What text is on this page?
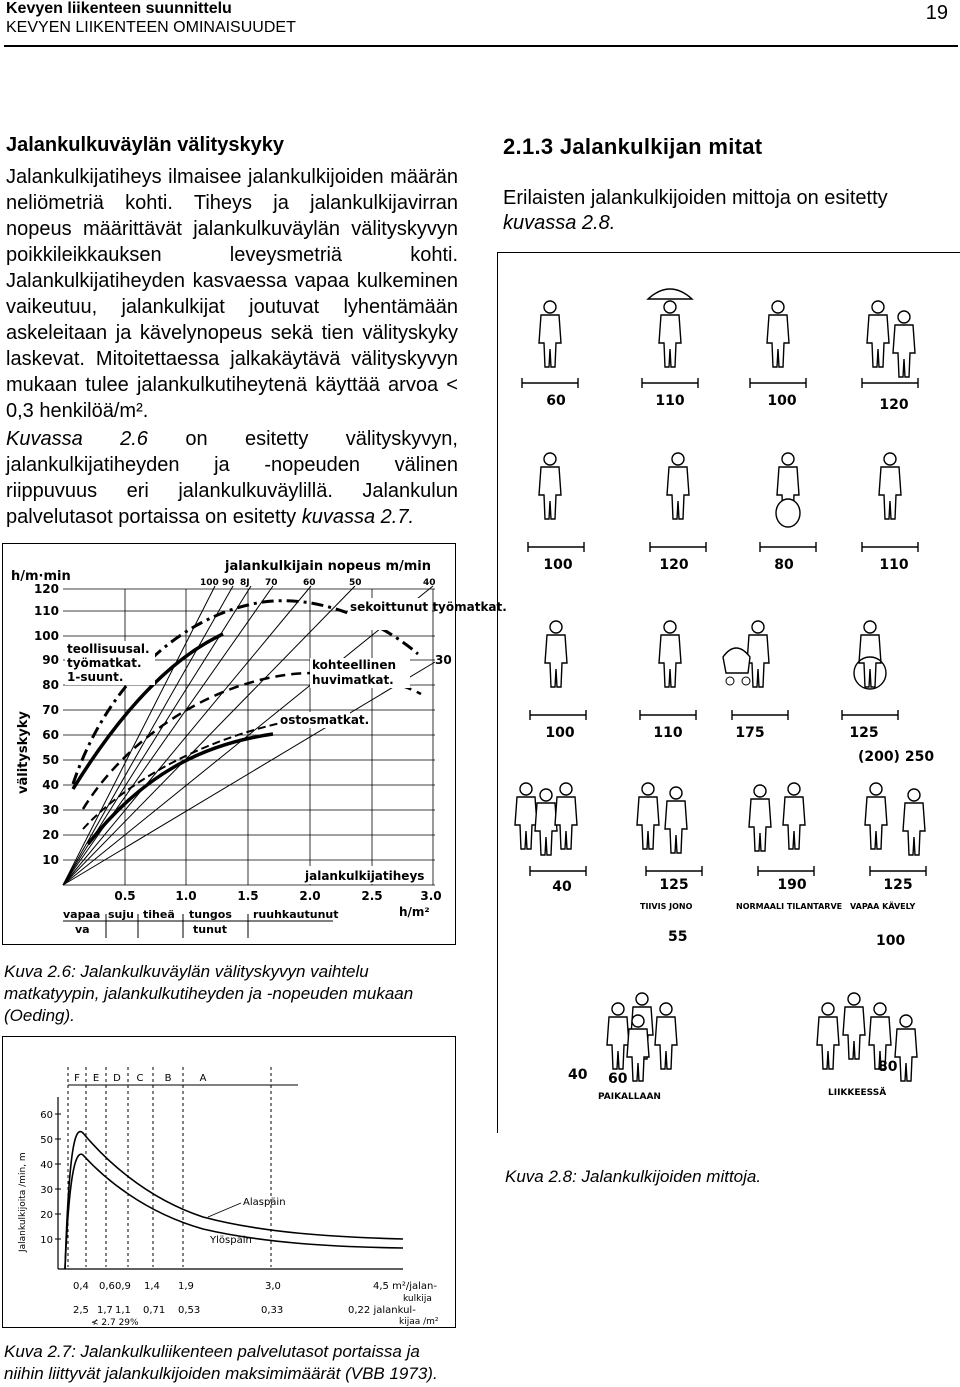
Kevyen liikenteen suunnittelu
KEVYEN LIIKENTEEN OMINAISUUDET
19
Jalankulkuväylän välityskyky
Jalankulkijatiheys ilmaisee jalankulkijoiden määrän neliömetriä kohti. Tiheys ja jalankulkijavirran nopeus määrittävät jalankulkuväylän välityskyvyn poikkileikkauksen leveysmetriä kohti. Jalankulkijatiheyden kasvaessa vapaa kulkeminen vaikeutuu, jalankulkijat joutuvat lyhentämään askeleitaan ja kävelynopeus sekä tien välityskyky laskevat. Mitoitettaessa jalkakäytävä välityskyvyn mukaan tulee jalankulkutiheytenä käyttää arvoa < 0,3 henkilöä/m².
Kuvassa 2.6 on esitetty välityskyvyn, jalankulkijatiheyden ja -nopeuden välinen riippuvuus eri jalankulkuväylillä. Jalankulun palvelutasot portaissa on esitetty kuvassa 2.7.
2.1.3 Jalankulkijan mitat
Erilaisten jalankulkijoiden mittoja on esitetty kuvassa 2.8.
jalankulkijain nopeus m/min
h/m·min	100 90 8J 70	60	50	40
120
110
100
90
80
70
60
50
40
30
20
10
välityskyky
sekoittunut työmatkat.
teollisuusal.
työmatkat.
1-suunt.
kohteellinen
huvimatkat.
ostosmatkat.
30
jalankulkijatiheys
0.5	1.0	1.5	2.0	2.5	3.0
h/m²
vapaa
va
suju tiheä tungos
tunut
ruuhkautunut
Kuva 2.6: Jalankulkuväylän välityskyvyn vaihtelu matkatyypin, jalankulkutiheyden ja -nopeuden mukaan (Oeding).
F E D C B	A
60
50
40
30
20
10
Jalankulkijoita /min, m	Alaspäin
Ylöspäin
0,4 0,6 0,9 1,4 1,9	3,0	4,5 m²/jalan-
kulkija
2,5 1,7 1,1 0,71 0,53	0,33	0,22 jalankul-
kijaa /m²
≮ 2.7 29%
Kuva 2.7: Jalankulkuliikenteen palvelutasot portaissa ja niihin liittyvät jalankulkijoiden maksimimäärät (VBB 1973).
60	110	100	120
100	120	80	110
100	110	175	125
(200) 250
40	125	190	125
TIIVIS JONO	NORMAALI TILANTARVE VAPAA KÄVELY
55	100
40 60
80
PAIKALLAAN	LIIKKEESSÄ
Kuva 2.8: Jalankulkijoiden mittoja.
